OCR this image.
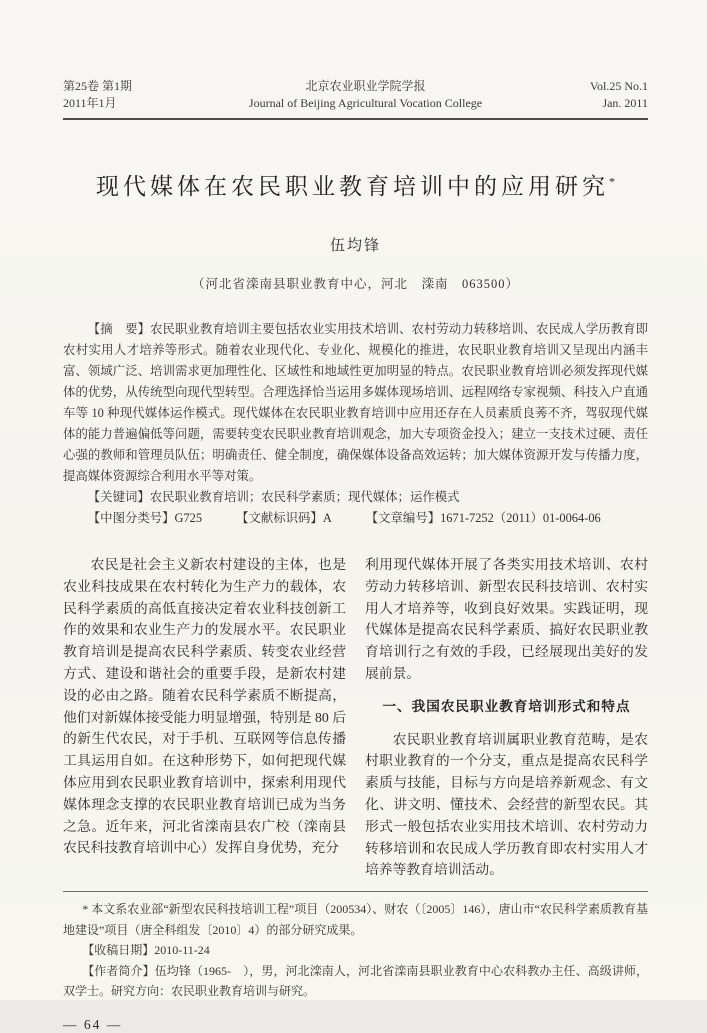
第25卷 第1期
2011年1月
北京农业职业学院学报
Journal of Beijing Agricultural Vocation College
Vol.25 No.1
Jan. 2011
现代媒体在农民职业教育培训中的应用研究*
伍均锋
（河北省滦南县职业教育中心，河北　滦南　063500）

【摘　要】农民职业教育培训主要包括农业实用技术培训、农村劳动力转移培训、农民成人学历教育即农村实用人才培养等形式。随着农业现代化、专业化、规模化的推进，农民职业教育培训又呈现出内涵丰富、领域广泛、培训需求更加理性化、区域性和地域性更加明显的特点。农民职业教育培训必须发挥现代媒体的优势，从传统型向现代型转型。合理选择恰当运用多媒体现场培训、远程网络专家视频、科技入户直通车等 10 种现代媒体运作模式。现代媒体在农民职业教育培训中应用还存在人员素质良莠不齐，驾驭现代媒体的能力普遍偏低等问题，需要转变农民职业教育培训观念，加大专项资金投入；建立一支技术过硬、责任心强的教师和管理员队伍；明确责任、健全制度，确保媒体设备高效运转；加大媒体资源开发与传播力度，提高媒体资源综合利用水平等对策。

【关键词】农民职业教育培训；农民科学素质；现代媒体；运作模式

【中图分类号】G725	【文献标识码】A	【文章编号】1671-7252（2011）01-0064-06

农民是社会主义新农村建设的主体，也是农业科技成果在农村转化为生产力的载体，农民科学素质的高低直接决定着农业科技创新工作的效果和农业生产力的发展水平。农民职业教育培训是提高农民科学素质、转变农业经营方式、建设和谐社会的重要手段，是新农村建设的必由之路。随着农民科学素质不断提高，他们对新媒体接受能力明显增强，特别是 80 后的新生代农民，对于手机、互联网等信息传播工具运用自如。在这种形势下，如何把现代媒体应用到农民职业教育培训中，探索利用现代媒体理念支撑的农民职业教育培训已成为当务之急。近年来，河北省滦南县农广校（滦南县农民科技教育培训中心）发挥自身优势，充分

利用现代媒体开展了各类实用技术培训、农村劳动力转移培训、新型农民科技培训、农村实用人才培养等，收到良好效果。实践证明，现代媒体是提高农民科学素质、搞好农民职业教育培训行之有效的手段，已经展现出美好的发展前景。

一、我国农民职业教育培训形式和特点

农民职业教育培训属职业教育范畴，是农村职业教育的一个分支，重点是提高农民科学素质与技能，目标与方向是培养新观念、有文化、讲文明、懂技术、会经营的新型农民。其形式一般包括农业实用技术培训、农村劳动力转移培训和农民成人学历教育即农村实用人才培养等教育培训活动。

* 本文系农业部“新型农民科技培训工程”项目（200534）、财农（〔2005〕146），唐山市“农民科学素质教育基地建设”项目（唐全科组发〔2010〕4）的部分研究成果。

【收稿日期】2010-11-24

【作者简介】伍均锋（1965-　），男，河北滦南人，河北省滦南县职业教育中心农科教办主任、高级讲师，双学士。研究方向：农民职业教育培训与研究。

— 64 —
